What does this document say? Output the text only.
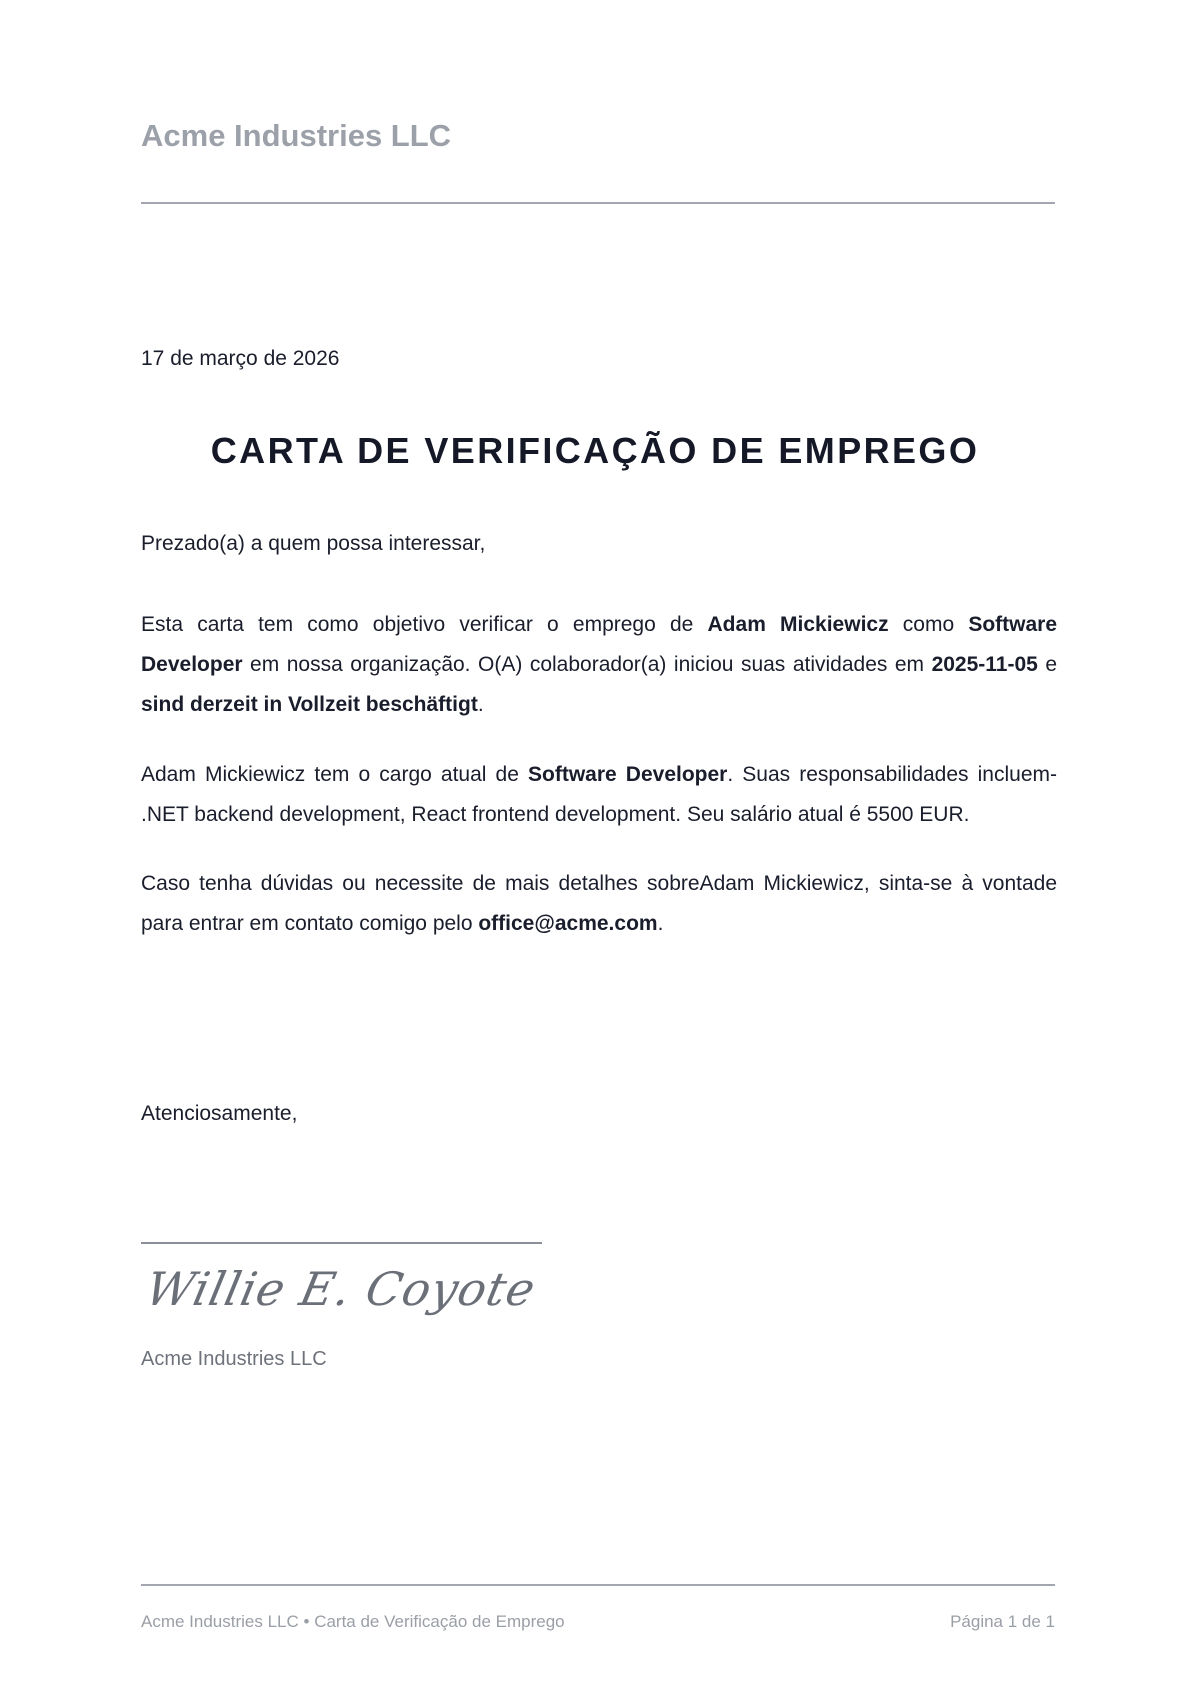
Acme Industries LLC
17 de março de 2026
CARTA DE VERIFICAÇÃO DE EMPREGO
Prezado(a) a quem possa interessar,
Esta carta tem como objetivo verificar o emprego de Adam Mickiewicz como Software Developer em nossa organização. O(A) colaborador(a) iniciou suas atividades em 2025-11-05 e sind derzeit in Vollzeit beschäftigt.
Adam Mickiewicz tem o cargo atual de Software Developer. Suas responsabilidades incluem- .NET backend development, React frontend development. Seu salário atual é 5500 EUR.
Caso tenha dúvidas ou necessite de mais detalhes sobreAdam Mickiewicz, sinta-se à vontade para entrar em contato comigo pelo office@acme.com.
Atenciosamente,
Willie E. Coyote
Acme Industries LLC
Acme Industries LLC • Carta de Verificação de Emprego	Página 1 de 1
